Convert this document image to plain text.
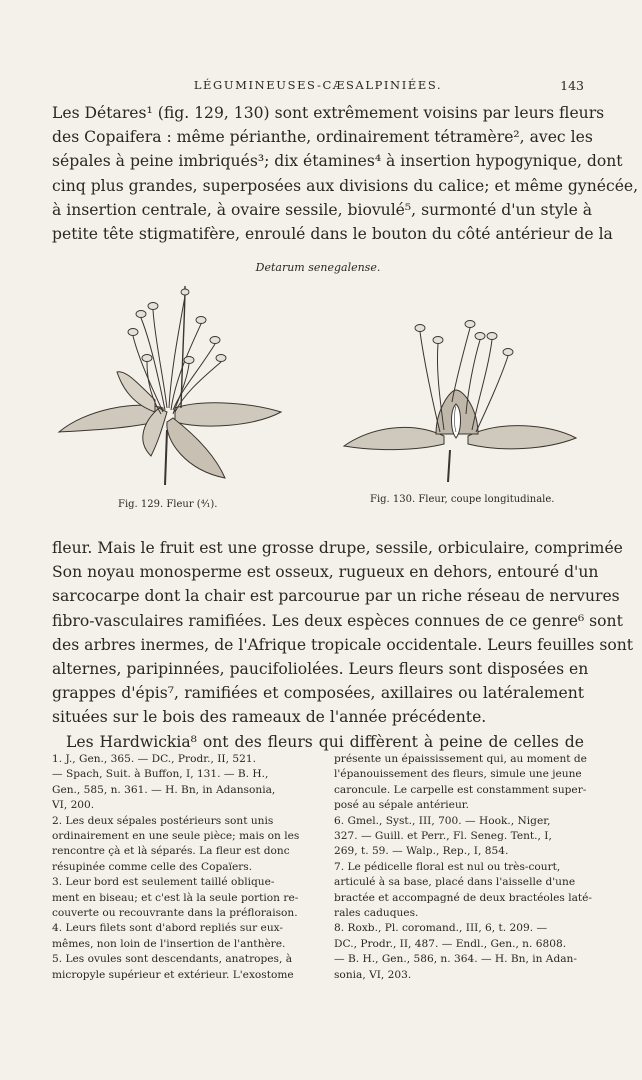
LÉGUMINEUSES-CÆSALPINIÉES.	143
Les Détares¹ (fig. 129, 130) sont extrêmement voisins par leurs fleurs
des Copaifera : même périanthe, ordinairement tétramère², avec les
sépales à peine imbriqués³; dix étamines⁴ à insertion hypogynique, dont
cinq plus grandes, superposées aux divisions du calice; et même gynécée,
à insertion centrale, à ovaire sessile, biovulé⁵, surmonté d'un style à
petite tête stigmatifère, enroulé dans le bouton du côté antérieur de la
Detarum senegalense.
Fig. 129. Fleur (⁴⁄₁).	Fig. 130. Fleur, coupe longitudinale.
fleur. Mais le fruit est une grosse drupe, sessile, orbiculaire, comprimée
Son noyau monosperme est osseux, rugueux en dehors, entouré d'un
sarcocarpe dont la chair est parcourue par un riche réseau de nervures
fibro-vasculaires ramifiées. Les deux espèces connues de ce genre⁶ sont
des arbres inermes, de l'Afrique tropicale occidentale. Leurs feuilles sont
alternes, paripinnées, paucifoliolées. Leurs fleurs sont disposées en
grappes d'épis⁷, ramifiées et composées, axillaires ou latéralement
situées sur le bois des rameaux de l'année précédente.
Les Hardwickia⁸ ont des fleurs qui diffèrent à peine de celles de
1. J., Gen., 365. — DC., Prodr., II, 521.
— Spach, Suit. à Buffon, I, 131. — B. H.,
Gen., 585, n. 361. — H. Bn, in Adansonia,
VI, 200.
2. Les deux sépales postérieurs sont unis
ordinairement en une seule pièce; mais on les
rencontre çà et là séparés. La fleur est donc
résupinée comme celle des Copaïers.
3. Leur bord est seulement taillé oblique-
ment en biseau; et c'est là la seule portion re-
couverte ou recouvrante dans la préfloraison.
4. Leurs filets sont d'abord repliés sur eux-
mêmes, non loin de l'insertion de l'anthère.
5. Les ovules sont descendants, anatropes, à
micropyle supérieur et extérieur. L'exostome
présente un épaississement qui, au moment de
l'épanouissement des fleurs, simule une jeune
caroncule. Le carpelle est constamment super-
posé au sépale antérieur.
6. Gmel., Syst., III, 700. — Hook., Niger,
327. — Guill. et Perr., Fl. Seneg. Tent., I,
269, t. 59. — Walp., Rep., I, 854.
7. Le pédicelle floral est nul ou très-court,
articulé à sa base, placé dans l'aisselle d'une
bractée et accompagné de deux bractéoles laté-
rales caduques.
8. Roxb., Pl. coromand., III, 6, t. 209. —
DC., Prodr., II, 487. — Endl., Gen., n. 6808.
— B. H., Gen., 586, n. 364. — H. Bn, in Adan-
sonia, VI, 203.
